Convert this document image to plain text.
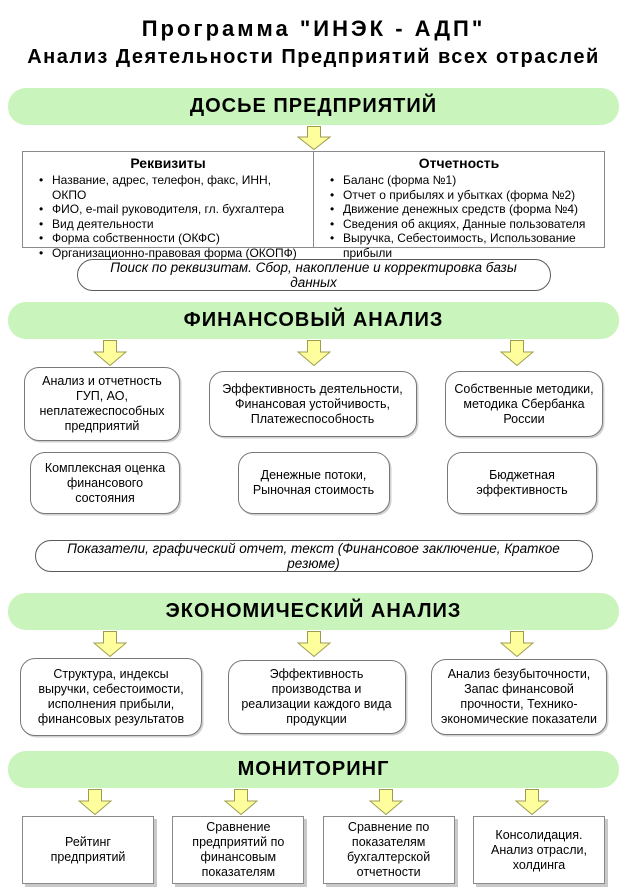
Программа "ИНЭК - АДП"
Анализ Деятельности Предприятий всех отраслей
ДОСЬЕ ПРЕДПРИЯТИЙ
Реквизиты
• Название, адрес, телефон, факс, ИНН, ОКПО
• ФИО, e-mail руководителя, гл. бухгалтера
• Вид деятельности
• Форма собственности (ОКФС)
• Организационно-правовая форма (ОКОПФ)
Отчетность
• Баланс (форма №1)
• Отчет о прибылях и убытках (форма №2)
• Движение денежных средств (форма №4)
• Сведения об акциях, Данные пользователя
• Выручка, Себестоимость, Использование прибыли
Поиск по реквизитам. Сбор, накопление и корректировка базы данных
ФИНАНСОВЫЙ АНАЛИЗ
Анализ и отчетность ГУП, АО, неплатежеспособных предприятий
Эффективность деятельности, Финансовая устойчивость, Платежеспособность
Собственные методики, методика Сбербанка России
Комплексная оценка финансового состояния
Денежные потоки, Рыночная стоимость
Бюджетная эффективность
Показатели, графический отчет, текст (Финансовое заключение, Краткое резюме)
ЭКОНОМИЧЕСКИЙ АНАЛИЗ
Структура, индексы выручки, себестоимости, исполнения прибыли, финансовых результатов
Эффективность производства и реализации каждого вида продукции
Анализ безубыточности, Запас финансовой прочности, Технико-экономические показатели
МОНИТОРИНГ
Рейтинг предприятий
Сравнение предприятий по финансовым показателям
Сравнение по показателям бухгалтерской отчетности
Консолидация. Анализ отрасли, холдинга
